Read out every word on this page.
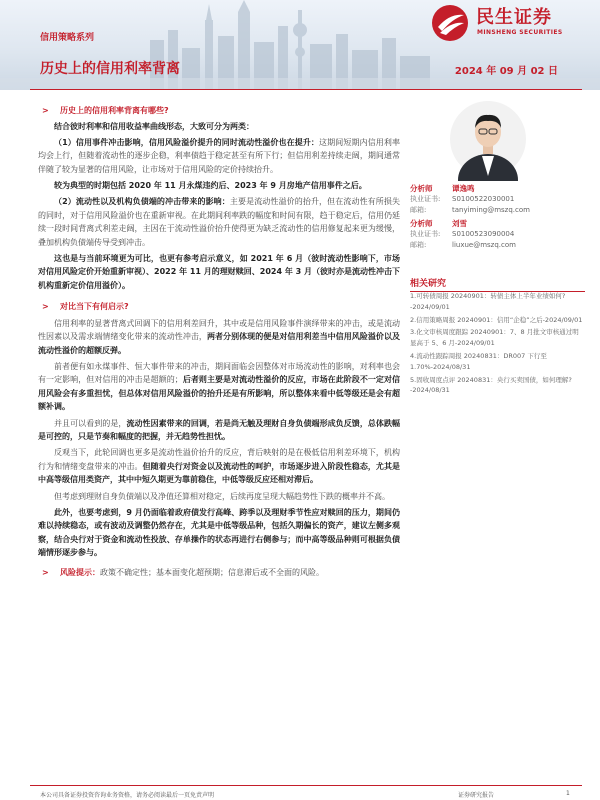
民生证券
MINSHENG SECURITIES
信用策略系列
历史上的信用利率背离	2024 年 09 月 02 日
> 历史上的信用利率背离有哪些?

结合彼时利率和信用收益率曲线形态，大致可分为两类：

（1）信用事件冲击影响，信用风险溢价提升的同时流动性溢价也在提升：这期间短期内信用利率均会上行，但随着流动性的逐步企稳，利率债趋于稳定甚至有所下行；但信用利差持续走阔，期间通常伴随了较为显著的信用风险，让市场对于信用风险的定价持续抬升。

较为典型的时期包括 2020 年 11 月永煤违约后、2023 年 9 月房地产信用事件之后。

（2）流动性以及机构负债端的冲击带来的影响：主要是流动性溢价的抬升，但在流动性有所损失的同时，对于信用风险溢价也在重新审视。在此期间利率跌的幅度和时间有限，趋于稳定后，信用仍延续一段时间背离式利差走阔，主因在于流动性溢价抬升使得更为缺乏流动性的信用修复起来更为缓慢，叠加机构负债端传导受到冲击。

这也是与当前环境更为可比，也更有参考启示意义，如 2021 年 6 月（彼时流动性影响下，市场对信用风险定价开始重新审视）、2022 年 11 月的理财赎回、2024 年 3 月（彼时亦是流动性冲击下机构重新定价信用溢价）。

> 对比当下有何启示?

信用利率的显著背离式回调下的信用利差回升，其中或是信用风险事件演绎带来的冲击，或是流动性因素以及需求端情绪变化带来的流动性冲击，两者分别体现的便是对信用利差当中信用风险溢价以及流动性溢价的超额反弹。

前者便有如永煤事件、恒大事件带来的冲击，期间面临会因整体对市场流动性的影响，对利率也会有一定影响，但对信用的冲击是超额的；后者则主要是对流动性溢价的反应，市场在此阶段不一定对信用风险会有多重担忧，但总体对信用风险溢价的抬升还是有所影响，所以整体来看中低等级还是会有超额补调。

并且可以看到的是，流动性因素带来的回调，若是尚无触及理财自身负债端形成负反馈，总体跌幅是可控的，只是节奏和幅度的把握，并无趋势性担忧。

反观当下，此轮回调也更多是流动性溢价抬升的反应，背后映射的是在极低信用利差环境下，机构行为和情绪变盘带来的冲击。但随着央行对资金以及流动性的呵护，市场逐步进入阶段性稳态，尤其是中高等级信用类资产，其中中短久期更为靠前稳住，中低等级反应还相对滞后。

但考虑到理财自身负债端以及净值还算相对稳定，后续再度呈现大幅趋势性下跌的概率并不高。

此外，也要考虑到，9 月仍面临着政府债发行高峰、跨季以及理财季节性应对赎回的压力，期间仍难以持续稳态，或有波动及调整仍然存在，尤其是中低等级品种，包括久期偏长的资产，建议左侧多观察，结合央行对于资金和流动性投放、存单操作的状态再进行右侧参与；而中高等级品种则可根据负债端情形逐步参与。

> 风险提示：政策不确定性；基本面变化超预期；信息滞后或不全面的风险。
分析师	谭逸鸣
执业证书: S0100522030001
邮箱:	tanyiming@mszq.com
分析师	刘雪
执业证书: S0100523090004
邮箱:	liuxue@mszq.com
相关研究
1.可转债周报 20240901：转债主体上半年业绩如何? -2024/09/01
2.信用策略周报 20240901：信用“企稳”之后-2024/09/01
3.化文审核周度跟踪 20240901：7、8 月批文审核通过明显高于 5、6 月-2024/09/01
4.流动性跟踪周报 20240831：DR007 下行至 1.70%-2024/08/31
5.固收周度点评 20240831：央行买卖国债，如何理解? -2024/08/31
本公司具备证券投资咨询业务资格，请务必阅读最后一页免责声明	证券研究报告	1
